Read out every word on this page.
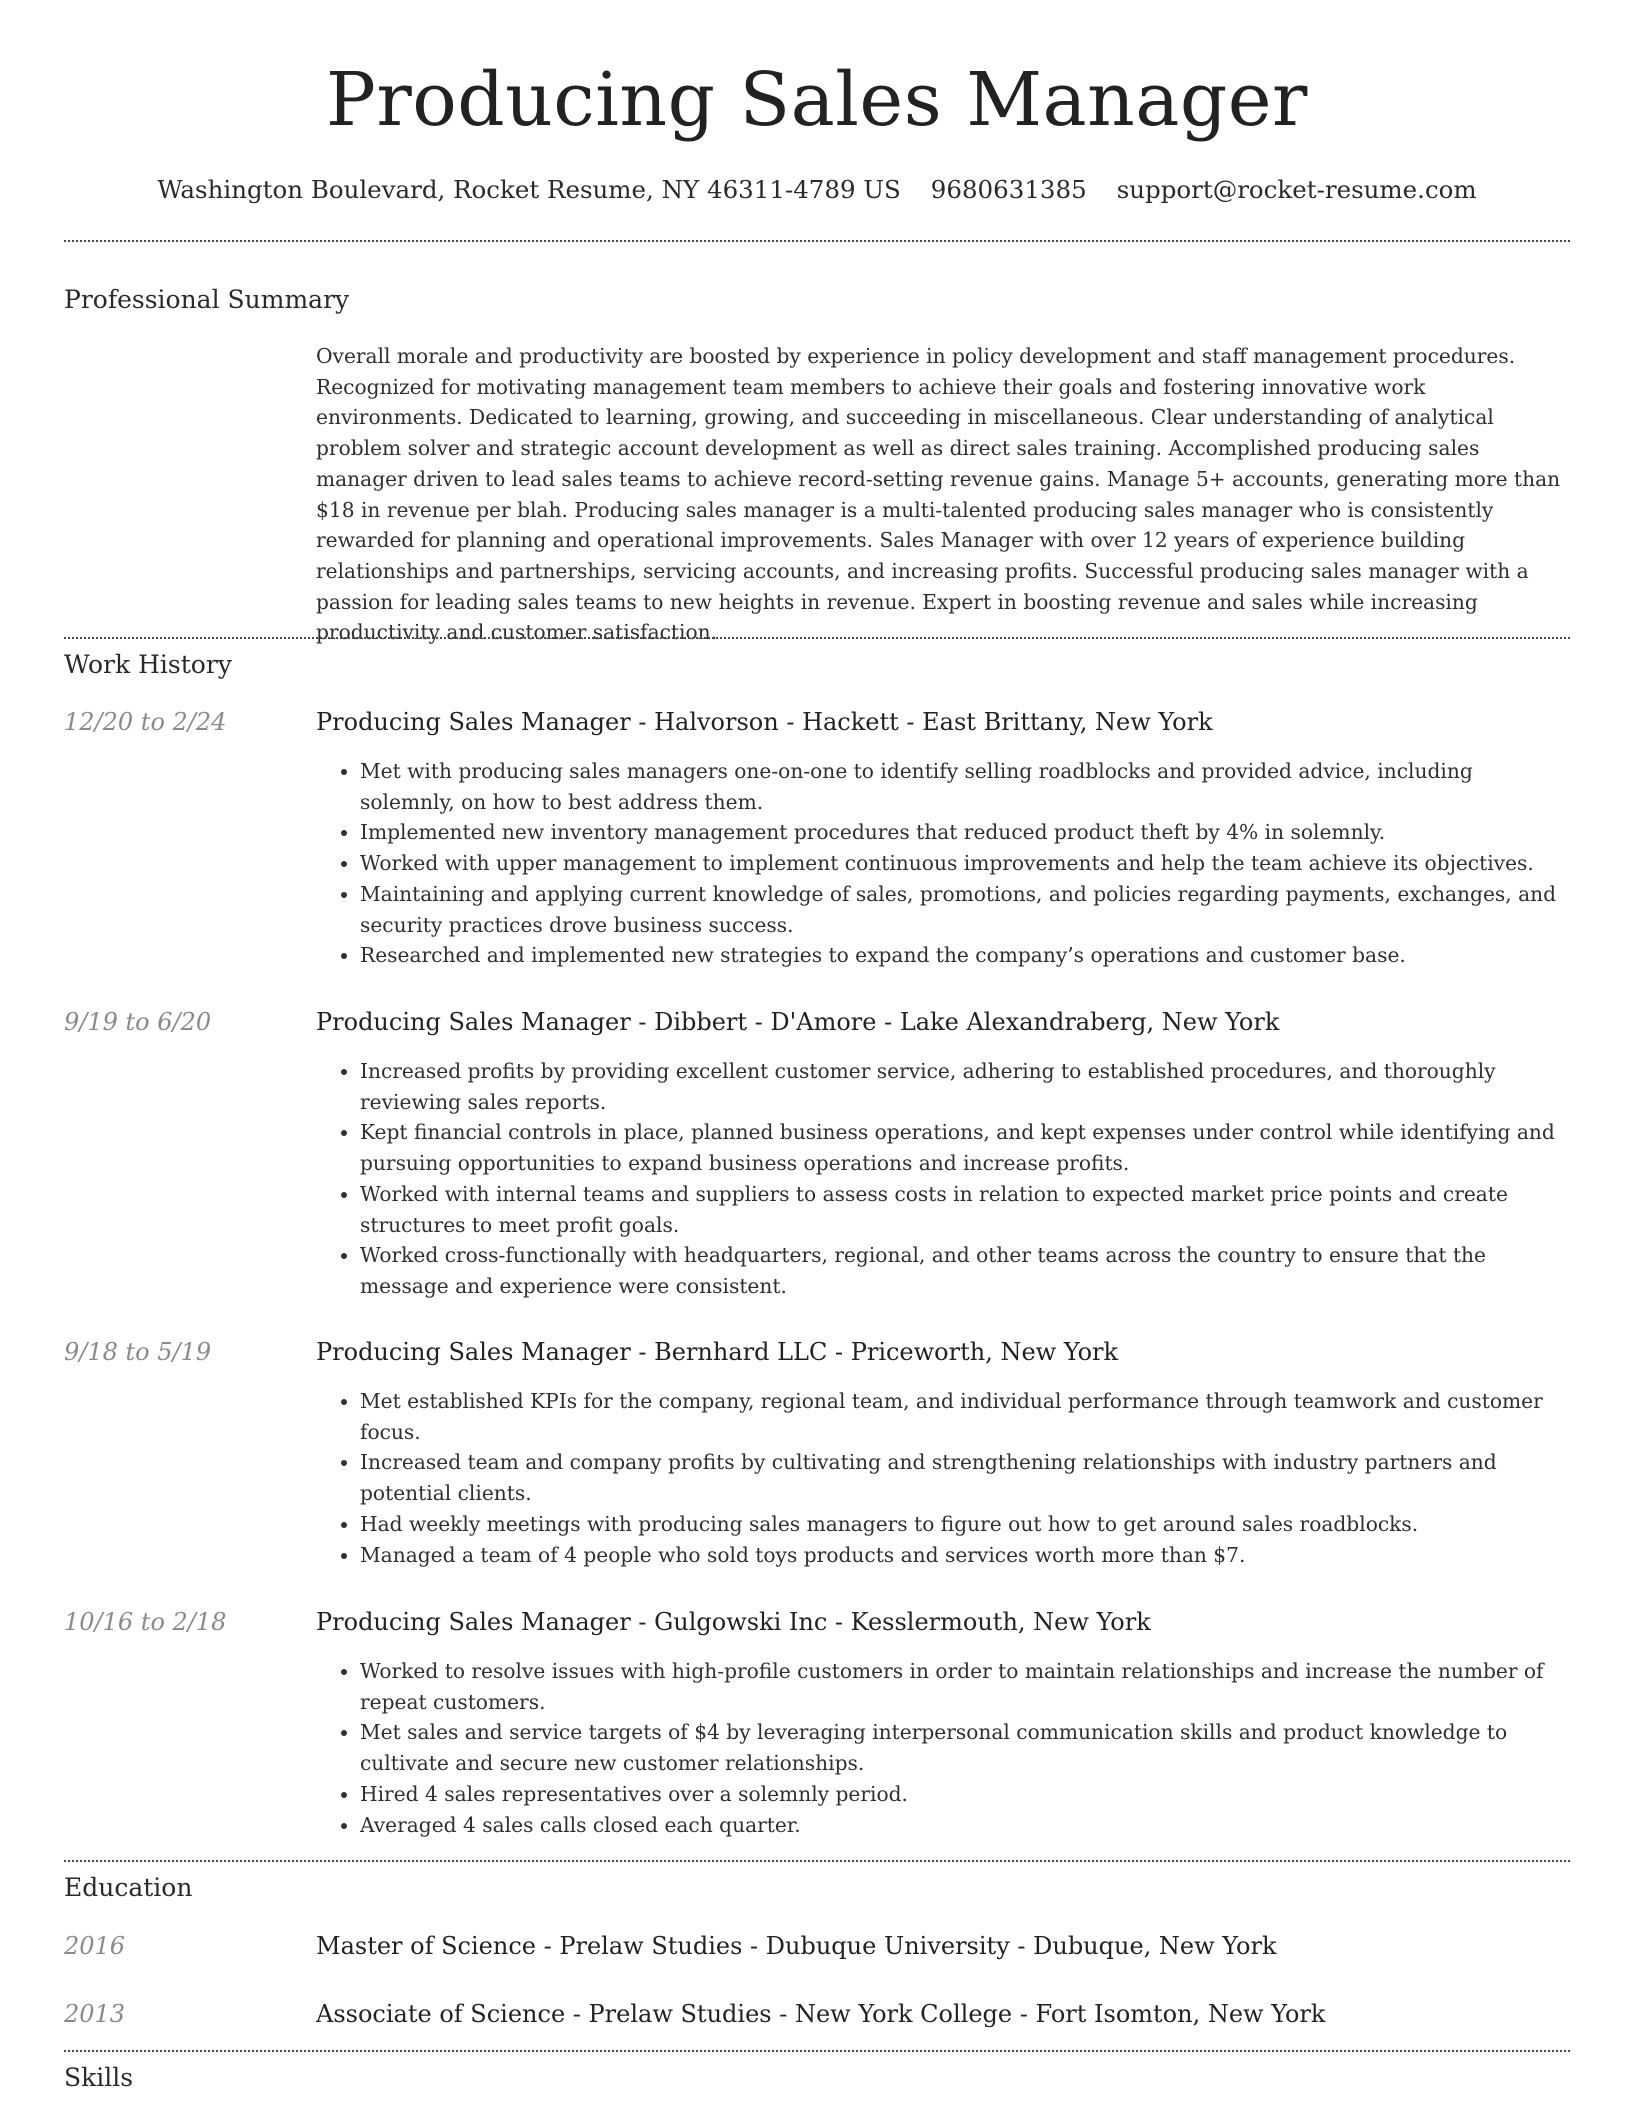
Producing Sales Manager
Washington Boulevard, Rocket Resume, NY 46311-4789 US 9680631385 support@rocket-resume.com
Professional Summary
Overall morale and productivity are boosted by experience in policy development and staff management procedures. Recognized for motivating management team members to achieve their goals and fostering innovative work environments. Dedicated to learning, growing, and succeeding in miscellaneous. Clear understanding of analytical problem solver and strategic account development as well as direct sales training. Accomplished producing sales manager driven to lead sales teams to achieve record-setting revenue gains. Manage 5+ accounts, generating more than $18 in revenue per blah. Producing sales manager is a multi-talented producing sales manager who is consistently rewarded for planning and operational improvements. Sales Manager with over 12 years of experience building relationships and partnerships, servicing accounts, and increasing profits. Successful producing sales manager with a passion for leading sales teams to new heights in revenue. Expert in boosting revenue and sales while increasing productivity and customer satisfaction.
Work History
12/20 to 2/24	Producing Sales Manager - Halvorson - Hackett - East Brittany, New York
• Met with producing sales managers one-on-one to identify selling roadblocks and provided advice, including solemnly, on how to best address them.
• Implemented new inventory management procedures that reduced product theft by 4% in solemnly.
• Worked with upper management to implement continuous improvements and help the team achieve its objectives.
• Maintaining and applying current knowledge of sales, promotions, and policies regarding payments, exchanges, and security practices drove business success.
• Researched and implemented new strategies to expand the company’s operations and customer base.
9/19 to 6/20	Producing Sales Manager - Dibbert - D'Amore - Lake Alexandraberg, New York
• Increased profits by providing excellent customer service, adhering to established procedures, and thoroughly reviewing sales reports.
• Kept financial controls in place, planned business operations, and kept expenses under control while identifying and pursuing opportunities to expand business operations and increase profits.
• Worked with internal teams and suppliers to assess costs in relation to expected market price points and create structures to meet profit goals.
• Worked cross-functionally with headquarters, regional, and other teams across the country to ensure that the message and experience were consistent.
9/18 to 5/19	Producing Sales Manager - Bernhard LLC - Priceworth, New York
• Met established KPIs for the company, regional team, and individual performance through teamwork and customer focus.
• Increased team and company profits by cultivating and strengthening relationships with industry partners and potential clients.
• Had weekly meetings with producing sales managers to figure out how to get around sales roadblocks.
• Managed a team of 4 people who sold toys products and services worth more than $7.
10/16 to 2/18	Producing Sales Manager - Gulgowski Inc - Kesslermouth, New York
• Worked to resolve issues with high-profile customers in order to maintain relationships and increase the number of repeat customers.
• Met sales and service targets of $4 by leveraging interpersonal communication skills and product knowledge to cultivate and secure new customer relationships.
• Hired 4 sales representatives over a solemnly period.
• Averaged 4 sales calls closed each quarter.
Education
2016	Master of Science - Prelaw Studies - Dubuque University - Dubuque, New York
2013	Associate of Science - Prelaw Studies - New York College - Fort Isomton, New York
Skills
